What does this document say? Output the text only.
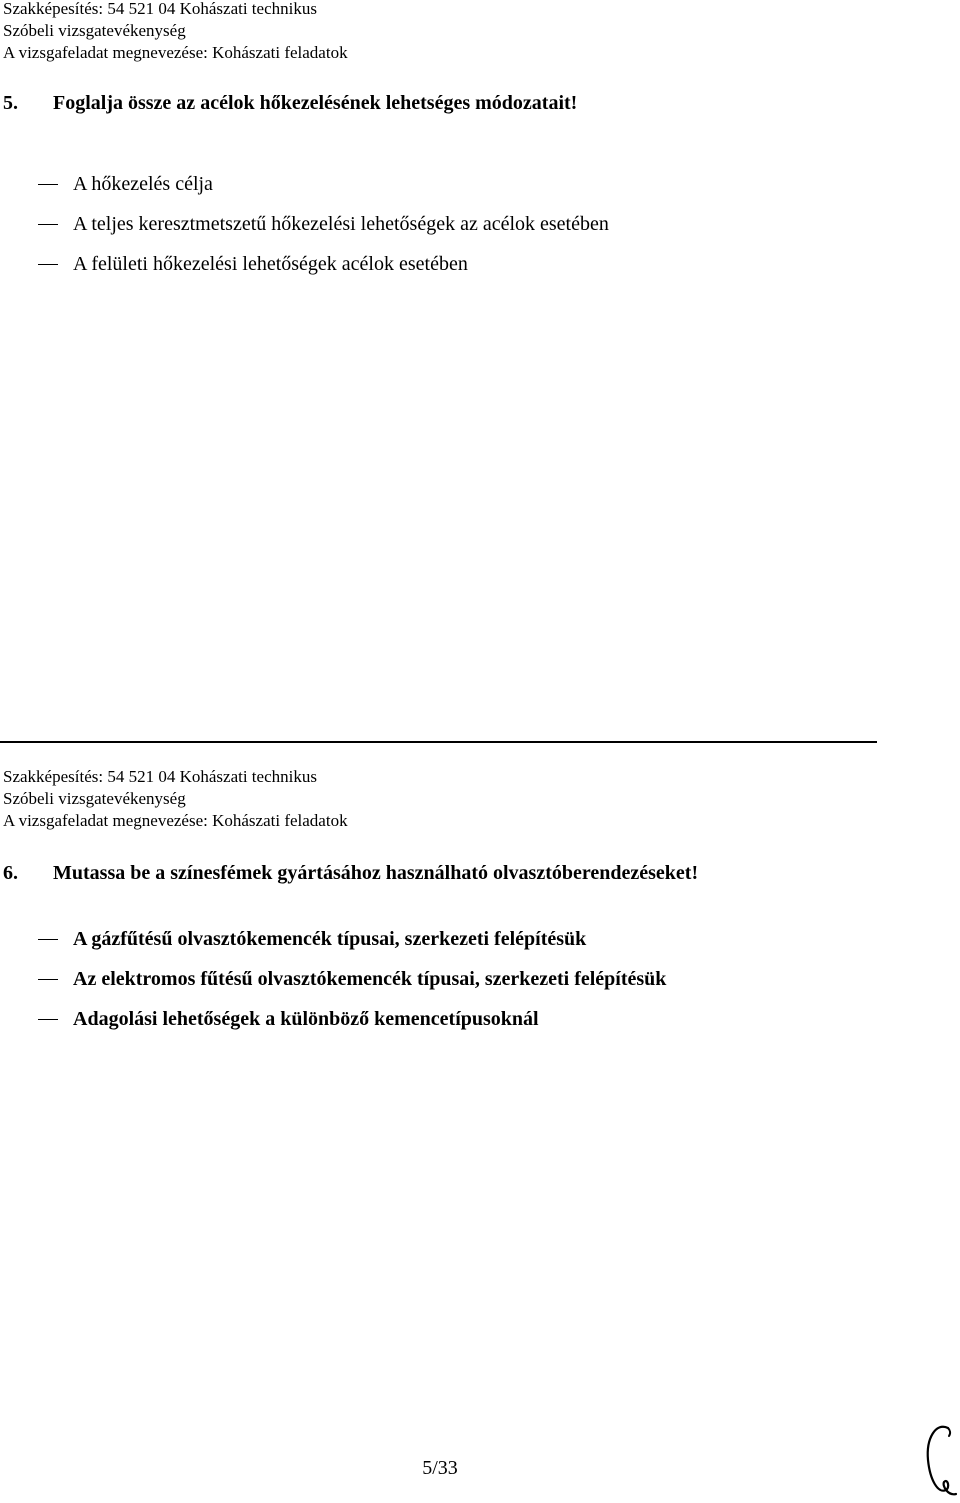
Szakképesítés: 54 521 04 Kohászati technikus
Szóbeli vizsgatevékenység
A vizsgafeladat megnevezése: Kohászati feladatok
5. Foglalja össze az acélok hőkezelésének lehetséges módozatait!
A hőkezelés célja
A teljes keresztmetszetű hőkezelési lehetőségek az acélok esetében
A felületi hőkezelési lehetőségek acélok esetében
Szakképesítés: 54 521 04 Kohászati technikus
Szóbeli vizsgatevékenység
A vizsgafeladat megnevezése: Kohászati feladatok
6. Mutassa be a színesfémek gyártásához használható olvasztóberendezéseket!
A gázfűtésű olvasztókemencék típusai, szerkezeti felépítésük
Az elektromos fűtésű olvasztókemencék típusai, szerkezeti felépítésük
Adagolási lehetőségek a különböző kemencetípusoknál
5/33
